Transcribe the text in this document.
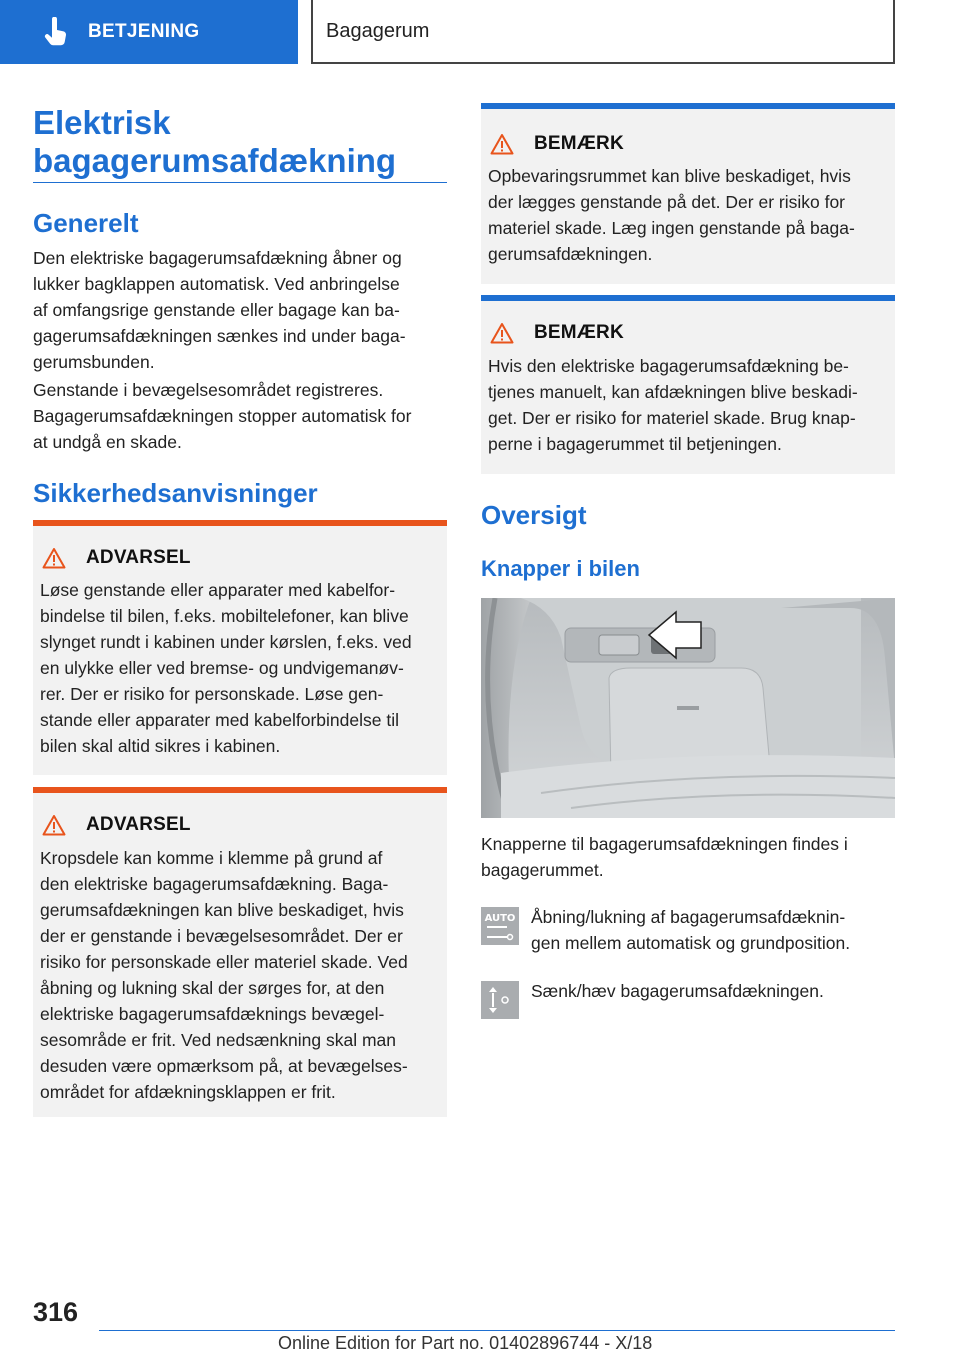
BETJENING	Bagagerum
Elektrisk
bagagerumsafdækning
Generelt
Den elektriske bagagerumsafdækning åbner og
lukker bagklappen automatisk. Ved anbringelse
af omfangsrige genstande eller bagage kan ba-
gagerumsafdækningen sænkes ind under baga-
gerumsbunden.
Genstande i bevægelsesområdet registreres.
Bagagerumsafdækningen stopper automatisk for
at undgå en skade.
Sikkerhedsanvisninger
ADVARSEL
Løse genstande eller apparater med kabelfor-
bindelse til bilen, f.eks. mobiltelefoner, kan blive
slynget rundt i kabinen under kørslen, f.eks. ved
en ulykke eller ved bremse- og undvigemanøv-
rer. Der er risiko for personskade. Løse gen-
stande eller apparater med kabelforbindelse til
bilen skal altid sikres i kabinen.
ADVARSEL
Kropsdele kan komme i klemme på grund af
den elektriske bagagerumsafdækning. Baga-
gerumsafdækningen kan blive beskadiget, hvis
der er genstande i bevægelsesområdet. Der er
risiko for personskade eller materiel skade. Ved
åbning og lukning skal der sørges for, at den
elektriske bagagerumsafdæknings bevægel-
sesområde er frit. Ved nedsænkning skal man
desuden være opmærksom på, at bevægelses-
området for afdækningsklappen er frit.
BEMÆRK
Opbevaringsrummet kan blive beskadiget, hvis
der lægges genstande på det. Der er risiko for
materiel skade. Læg ingen genstande på baga-
gerumsafdækningen.
BEMÆRK
Hvis den elektriske bagagerumsafdækning be-
tjenes manuelt, kan afdækningen blive beskadi-
get. Der er risiko for materiel skade. Brug knap-
perne i bagagerummet til betjeningen.
Oversigt
Knapper i bilen
Knapperne til bagagerumsafdækningen findes i
bagagerummet.
AUTO Åbning/lukning af bagagerumsafdæknin-
gen mellem automatisk og grundposition.
Sænk/hæv bagagerumsafdækningen.
316
Online Edition for Part no. 01402896744 - X/18
